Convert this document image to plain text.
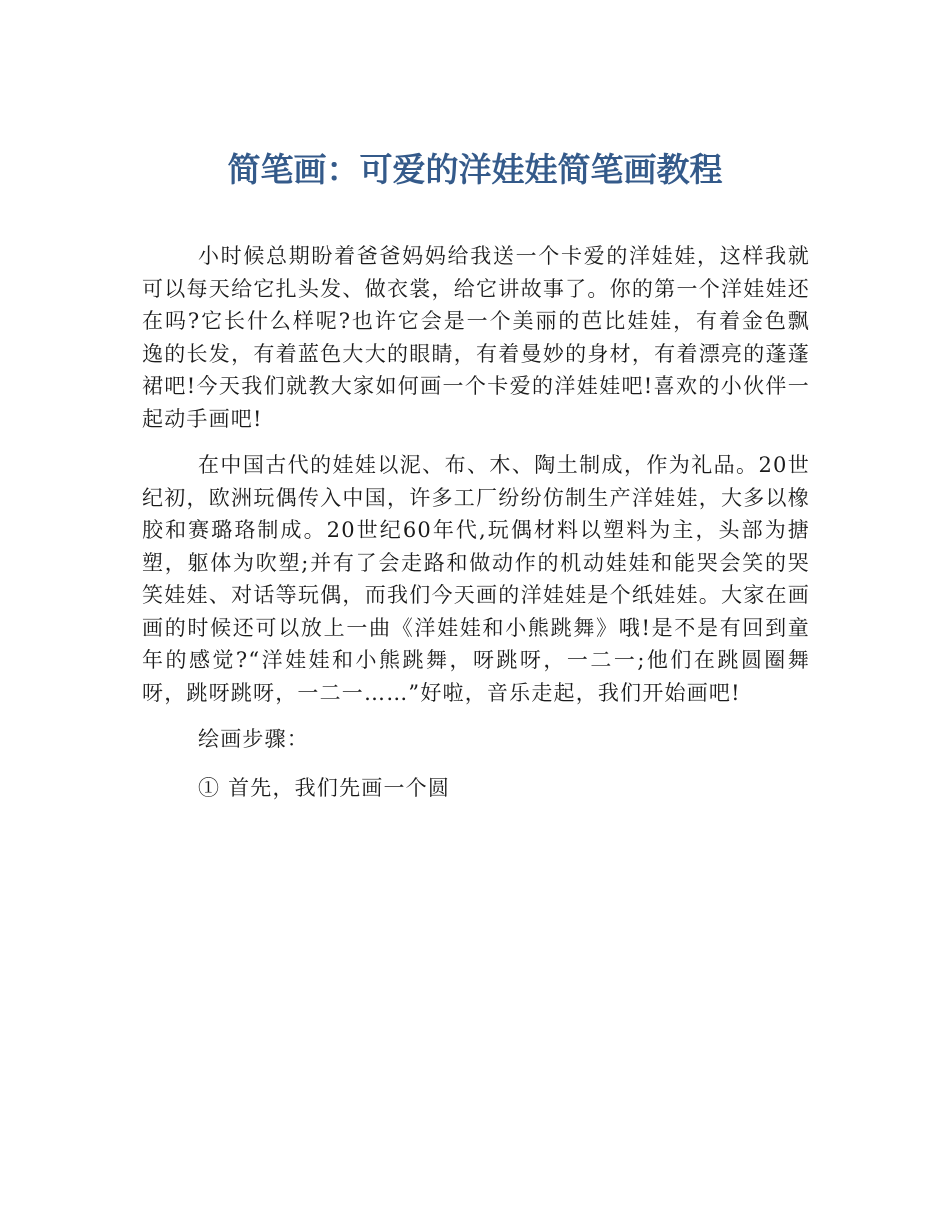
简笔画：可爱的洋娃娃简笔画教程

小时候总期盼着爸爸妈妈给我送一个卡爱的洋娃娃，这样我就可以每天给它扎头发、做衣裳，给它讲故事了。你的第一个洋娃娃还在吗?它长什么样呢?也许它会是一个美丽的芭比娃娃，有着金色飘逸的长发，有着蓝色大大的眼睛，有着曼妙的身材，有着漂亮的蓬蓬裙吧!今天我们就教大家如何画一个卡爱的洋娃娃吧!喜欢的小伙伴一起动手画吧!

在中国古代的娃娃以泥、布、木、陶土制成，作为礼品。20世纪初，欧洲玩偶传入中国，许多工厂纷纷仿制生产洋娃娃，大多以橡胶和赛璐珞制成。20世纪60年代,玩偶材料以塑料为主，头部为搪塑，躯体为吹塑;并有了会走路和做动作的机动娃娃和能哭会笑的哭笑娃娃、对话等玩偶，而我们今天画的洋娃娃是个纸娃娃。大家在画画的时候还可以放上一曲《洋娃娃和小熊跳舞》哦!是不是有回到童年的感觉?“洋娃娃和小熊跳舞，呀跳呀，一二一;他们在跳圆圈舞呀，跳呀跳呀，一二一……”好啦，音乐走起，我们开始画吧!

绘画步骤：

① 首先，我们先画一个圆
